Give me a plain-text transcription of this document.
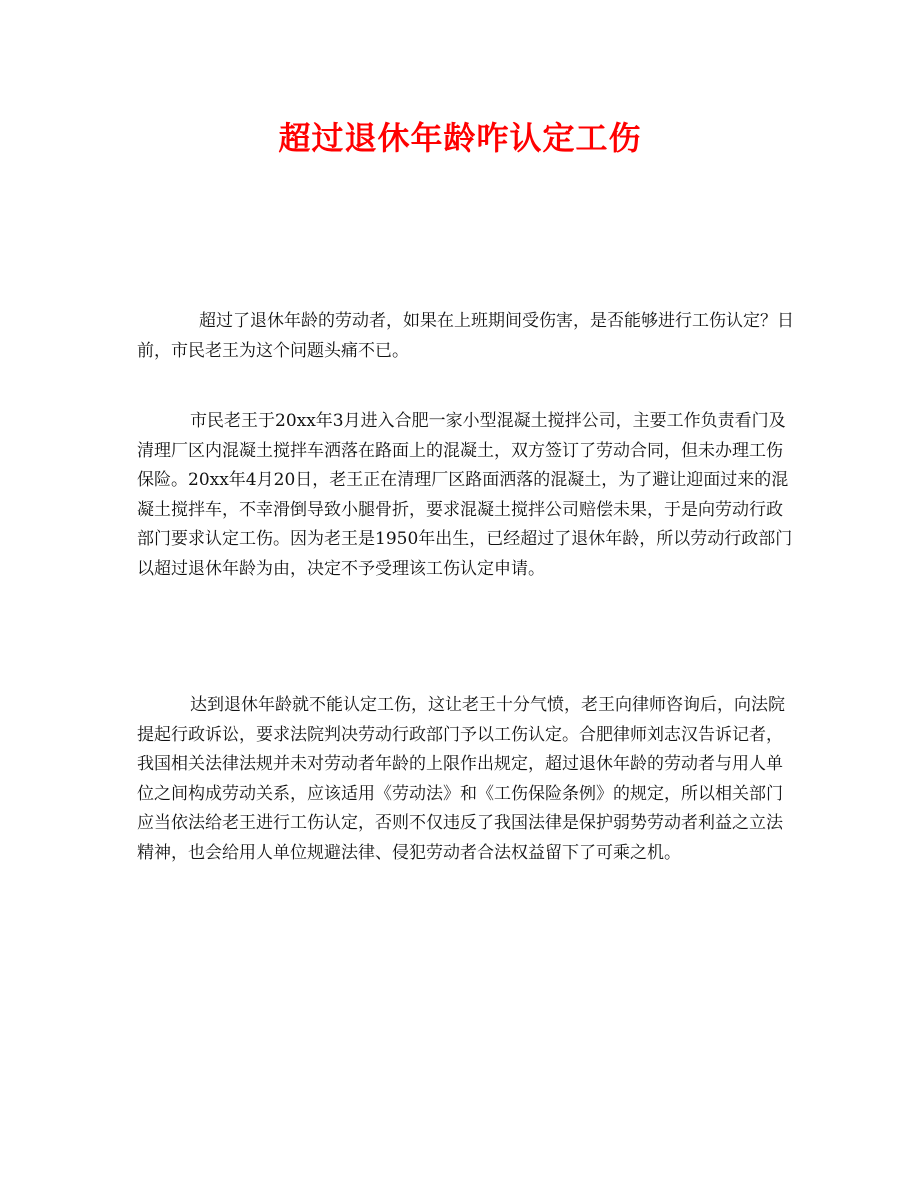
超过退休年龄咋认定工伤

超过了退休年龄的劳动者，如果在上班期间受伤害，是否能够进行工伤认定？日前，市民老王为这个问题头痛不已。

市民老王于20xx年3月进入合肥一家小型混凝土搅拌公司，主要工作负责看门及清理厂区内混凝土搅拌车洒落在路面上的混凝土，双方签订了劳动合同，但未办理工伤保险。20xx年4月20日，老王正在清理厂区路面洒落的混凝土，为了避让迎面过来的混凝土搅拌车，不幸滑倒导致小腿骨折，要求混凝土搅拌公司赔偿未果，于是向劳动行政部门要求认定工伤。因为老王是1950年出生，已经超过了退休年龄，所以劳动行政部门以超过退休年龄为由，决定不予受理该工伤认定申请。

达到退休年龄就不能认定工伤，这让老王十分气愤，老王向律师咨询后，向法院提起行政诉讼，要求法院判决劳动行政部门予以工伤认定。合肥律师刘志汉告诉记者，我国相关法律法规并未对劳动者年龄的上限作出规定，超过退休年龄的劳动者与用人单位之间构成劳动关系，应该适用《劳动法》和《工伤保险条例》的规定，所以相关部门应当依法给老王进行工伤认定，否则不仅违反了我国法律是保护弱势劳动者利益之立法精神，也会给用人单位规避法律、侵犯劳动者合法权益留下了可乘之机。
